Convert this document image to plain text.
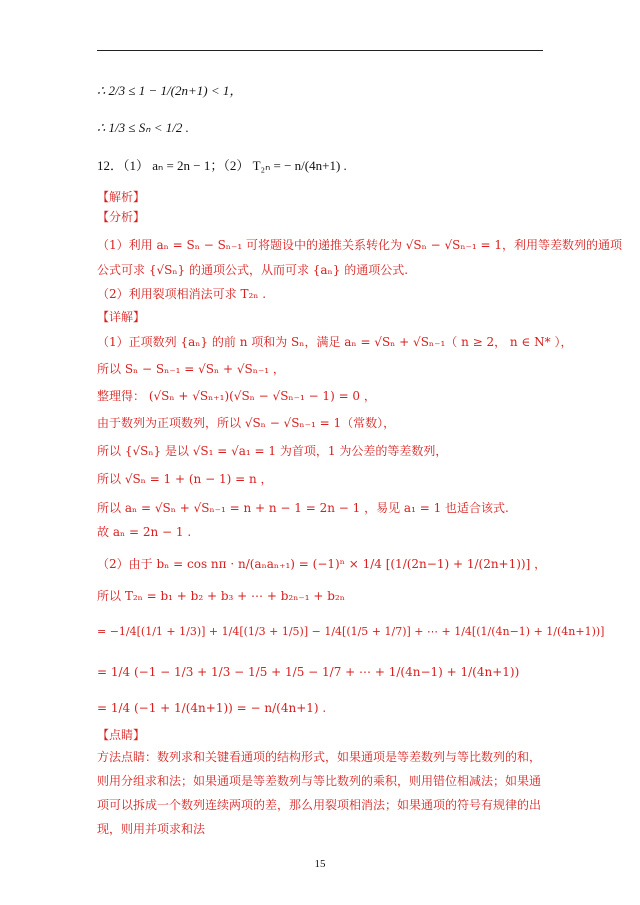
∴ 2/3 ≤ 1 − 1/(2n+1) < 1，
∴ 1/3 ≤ Sₙ < 1/2 .
12．（1） aₙ = 2n − 1；（2） T₂ₙ = − n/(4n+1) .
【解析】
【分析】
（1）利用 aₙ = Sₙ − Sₙ₋₁ 可将题设中的递推关系转化为 √Sₙ − √Sₙ₋₁ = 1，利用等差数列的通项
公式可求 {√Sₙ} 的通项公式，从而可求 {aₙ} 的通项公式.
（2）利用裂项相消法可求 T₂ₙ .
【详解】
（1）正项数列 {aₙ} 的前 n 项和为 Sₙ，满足 aₙ = √Sₙ + √Sₙ₋₁（ n ≥ 2， n ∈ N* ），
所以 Sₙ − Sₙ₋₁ = √Sₙ + √Sₙ₋₁ ，
整理得： (√Sₙ + √Sₙ₊₁)(√Sₙ − √Sₙ₋₁ − 1) = 0 ，
由于数列为正项数列，所以 √Sₙ − √Sₙ₋₁ = 1（常数），
所以 {√Sₙ} 是以 √S₁ = √a₁ = 1 为首项，1 为公差的等差数列，
所以 √Sₙ = 1 + (n − 1) = n ，
所以 aₙ = √Sₙ + √Sₙ₋₁ = n + n − 1 = 2n − 1 ，易见 a₁ = 1 也适合该式.
故 aₙ = 2n − 1 .
（2）由于 bₙ = cos nπ · n/(aₙaₙ₊₁) = (−1)ⁿ × 1/4 [(1/(2n−1) + 1/(2n+1))] ，
所以 T₂ₙ = b₁ + b₂ + b₃ + ⋯ + b₂ₙ₋₁ + b₂ₙ
= −1/4[(1/1 + 1/3)] + 1/4[(1/3 + 1/5)] − 1/4[(1/5 + 1/7)] + ⋯ + 1/4[(1/(4n−1) + 1/(4n+1))]
= 1/4 (−1 − 1/3 + 1/3 − 1/5 + 1/5 − 1/7 + ⋯ + 1/(4n−1) + 1/(4n+1))
= 1/4 (−1 + 1/(4n+1)) = − n/(4n+1) .
【点睛】
方法点睛：数列求和关键看通项的结构形式，如果通项是等差数列与等比数列的和，则用分组求和法；如果通项是等差数列与等比数列的乘积，则用错位相减法；如果通项可以拆成一个数列连续两项的差，那么用裂项相消法；如果通项的符号有规律的出现，则用并项求和法
15
